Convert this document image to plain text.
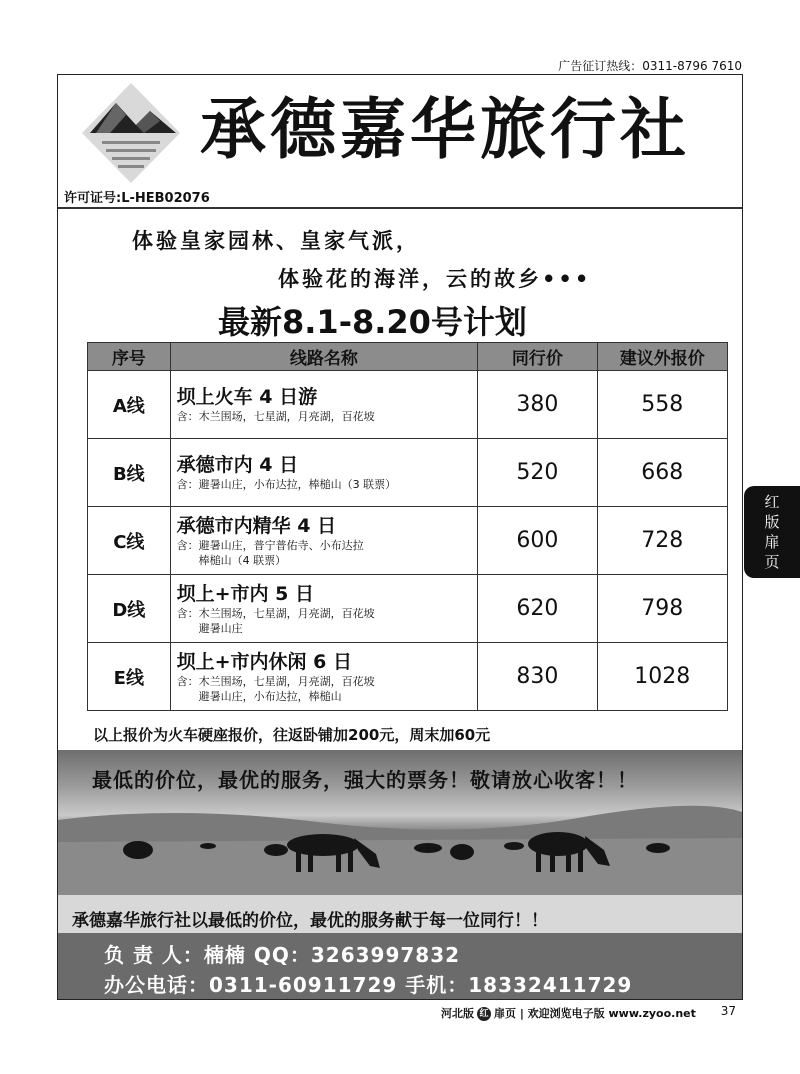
广告征订热线：0311-8796 7610
红
版
扉
页
许可证号:L-HEB02076
承德嘉华旅行社
体验皇家园林、皇家气派，
体验花的海洋，云的故乡•••
最新8.1-8.20号计划
序号	线路名称	同行价	建议外报价
A线	坝上火车 4 日游
含：木兰围场，七星湖，月亮湖，百花坡	380	558
B线	承德市内 4 日
含：避暑山庄，小布达拉，棒槌山（3 联票）	520	668
C线	承德市内精华 4 日
含：避暑山庄，普宁普佑寺、小布达拉
棒槌山（4 联票）	600	728
D线	坝上+市内 5 日
含：木兰围场，七星湖，月亮湖，百花坡
避暑山庄	620	798
E线	坝上+市内休闲 6 日
含：木兰围场，七星湖，月亮湖，百花坡
避暑山庄，小布达拉，棒槌山	830	1028
以上报价为火车硬座报价，往返卧铺加200元，周末加60元
最低的价位，最优的服务，强大的票务！敬请放心收客！！
承德嘉华旅行社以最低的价位，最优的服务献于每一位同行！！
负 责 人：楠楠 QQ：3263997832
办公电话：0311-60911729 手机：18332411729
河北版 红 扉页 | 欢迎浏览电子版 www.zyoo.net 37
